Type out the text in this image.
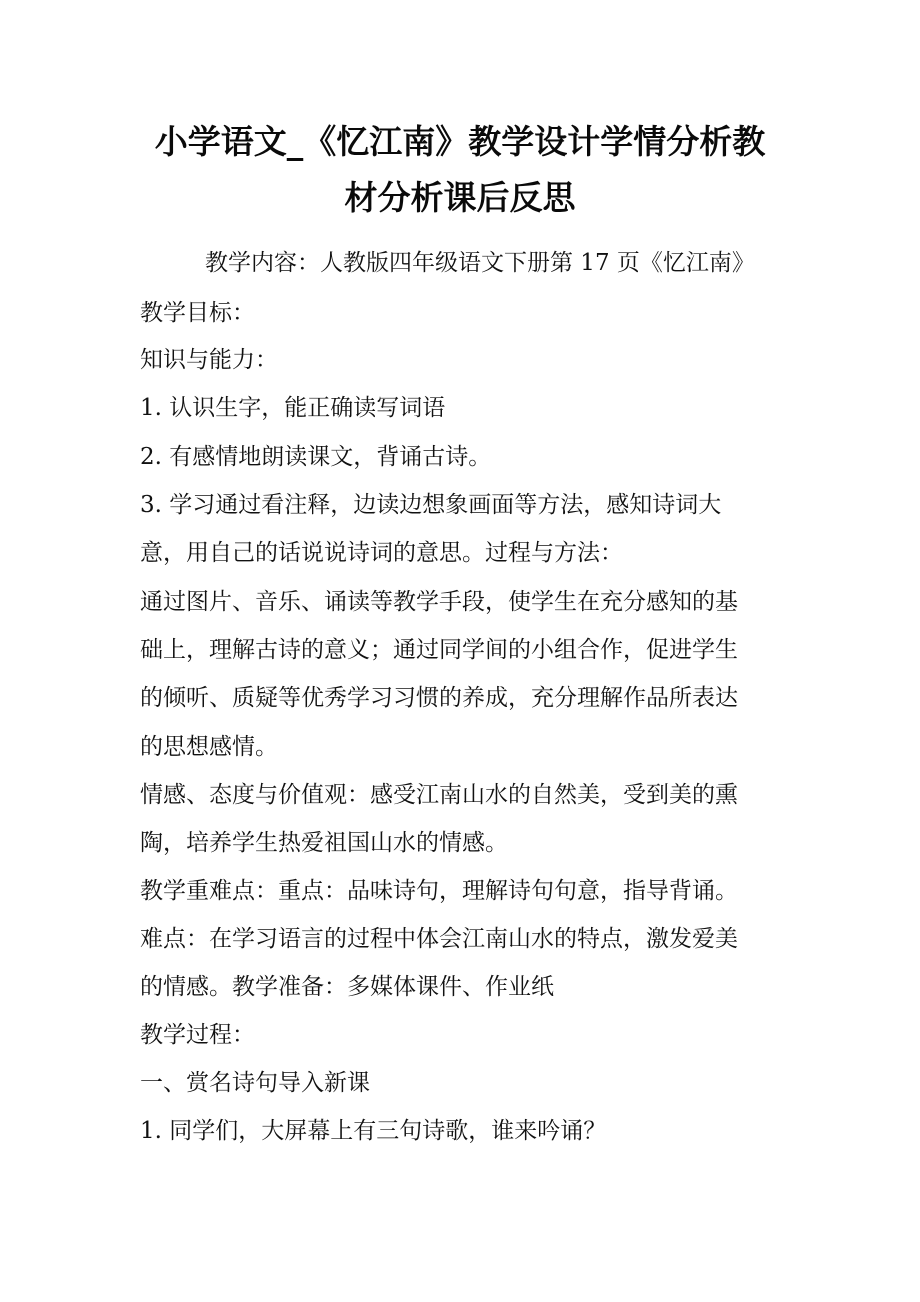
小学语文_《忆江南》教学设计学情分析教
材分析课后反思

教学内容：人教版四年级语文下册第 17 页《忆江南》

教学目标：

知识与能力：

1. 认识生字，能正确读写词语

2. 有感情地朗读课文，背诵古诗。

3. 学习通过看注释，边读边想象画面等方法，感知诗词大

意，用自己的话说说诗词的意思。过程与方法：

通过图片、音乐、诵读等教学手段，使学生在充分感知的基

础上，理解古诗的意义；通过同学间的小组合作，促进学生

的倾听、质疑等优秀学习习惯的养成，充分理解作品所表达

的思想感情。

情感、态度与价值观：感受江南山水的自然美，受到美的熏

陶，培养学生热爱祖国山水的情感。

教学重难点：重点：品味诗句，理解诗句句意，指导背诵。

难点：在学习语言的过程中体会江南山水的特点，激发爱美

的情感。教学准备：多媒体课件、作业纸

教学过程：

一、赏名诗句导入新课

1. 同学们，大屏幕上有三句诗歌，谁来吟诵？
